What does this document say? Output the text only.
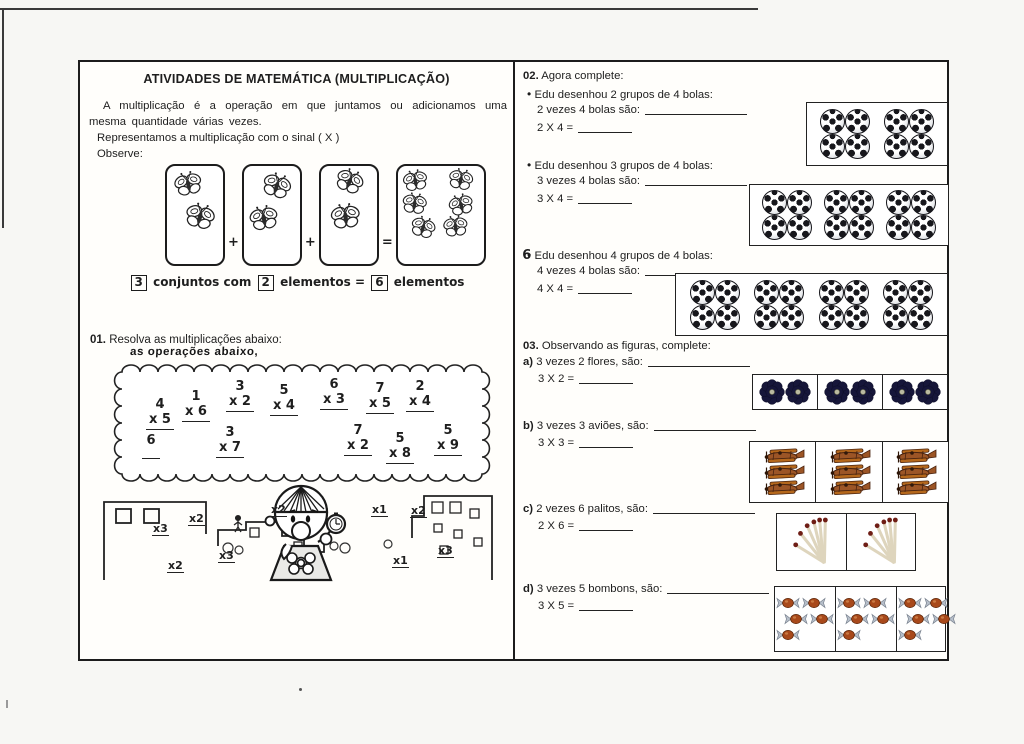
ATIVIDADES DE MATEMÁTICA (MULTIPLICAÇÃO)
A multiplicação é a operação em que juntamos ou adicionamos uma mesma quantidade várias vezes.
Representamos a multiplicação com o sinal ( X )
Observe:
+	+	=
6
3 conjuntos com 2 elementos = 6 elementos
01. Resolva as multiplicações abaixo:
as operações abaixo,
4
x 5
1
x 6
3
x 2
5
x 4
6
x 3
7
x 5
2
x 4
6
3
x 7
7
x 2	5
x 8
5
x 9
x3
x2
x2
x3
x2
x1 x2
x1
x3
02. Agora complete:
• Edu desenhou 2 grupos de 4 bolas:
2 vezes 4 bolas são:
2 X 4 =
• Edu desenhou 3 grupos de 4 bolas:
3 vezes 4 bolas são:
3 X 4 =
• Edu desenhou 4 grupos de 4 bolas:
4 vezes 4 bolas são:
4 X 4 =
03. Observando as figuras, complete:
a) 3 vezes 2 flores, são:
3 X 2 =
b) 3 vezes 3 aviões, são:
3 X 3 =
c) 2 vezes 6 palitos, são:
2 X 6 =
d) 3 vezes 5 bombons, são:
3 X 5 =
